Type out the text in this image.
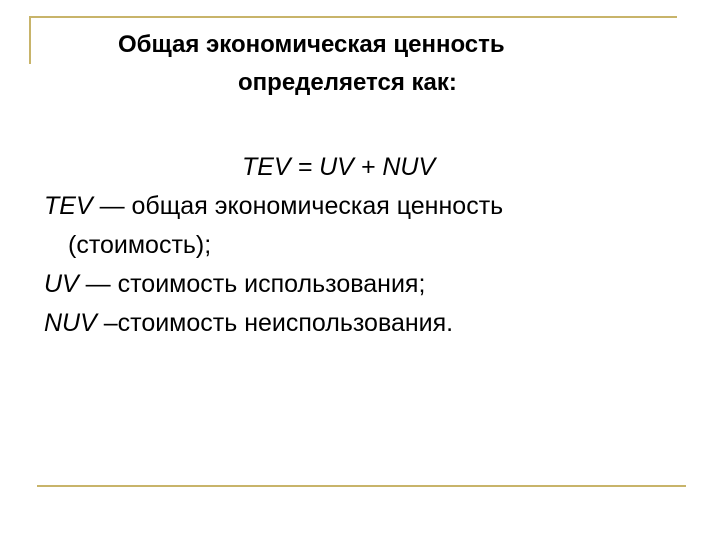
Общая экономическая ценность
определяется как:
TEV = UV + NUV
TEV — общая экономическая ценность
(стоимость);
UV — стоимость использования;
NUV –стоимость неиспользования.
